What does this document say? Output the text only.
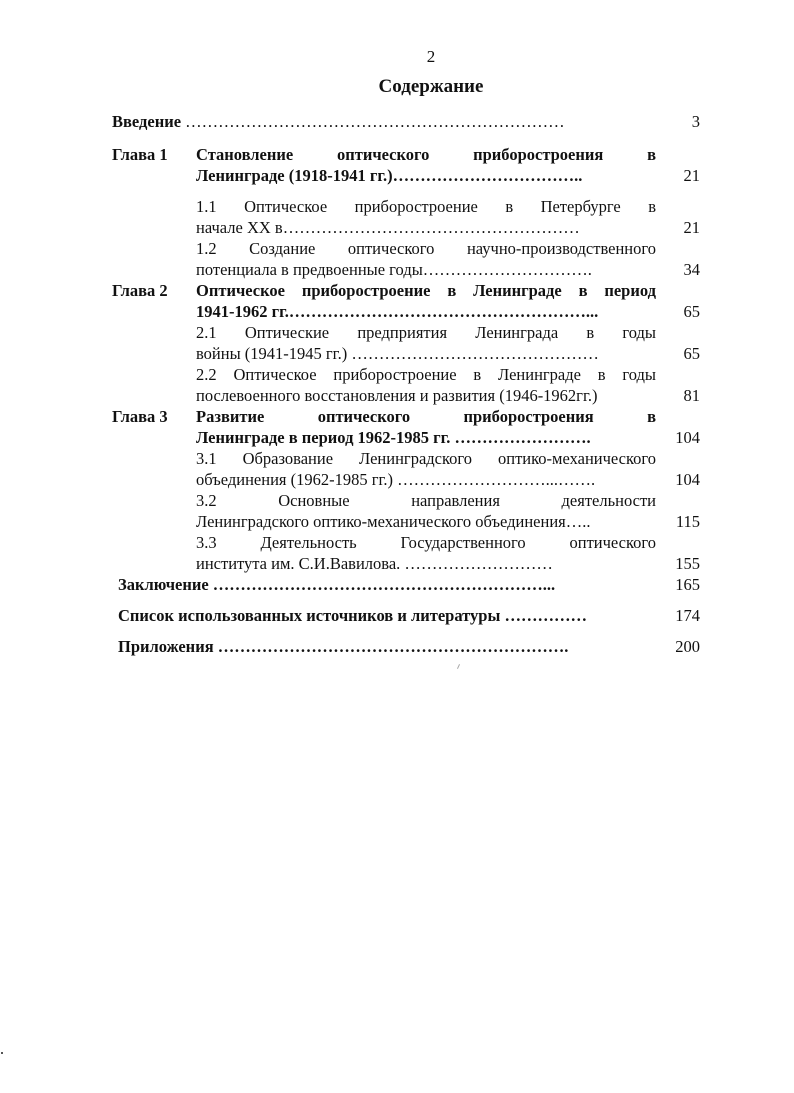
2
Содержание
Введение ……………………………………………………………	3
Глава 1 Становление оптического приборостроения в
Ленинграде (1918-1941 гг.)……………………………..	21
1.1 Оптическое приборостроение в Петербурге в
начале XX в………………………………………………	21
1.2 Создание оптического научно-производственного
потенциала в предвоенные годы………………………….	34
Глава 2 Оптическое приборостроение в Ленинграде в период
1941-1962 гг.………………………………………………...	65
2.1 Оптические предприятия Ленинграда в годы
войны (1941-1945 гг.) ………………………………………	65
2.2 Оптическое приборостроение в Ленинграде в годы
послевоенного восстановления и развития (1946-1962гг.)	81
Глава 3 Развитие оптического приборостроения в
Ленинграде в период 1962-1985 гг. …………………….	104
3.1 Образование Ленинградского оптико-механического
объединения (1962-1985 гг.) ………………………...…….	104
3.2 Основные направления деятельности
Ленинградского оптико-механического объединения…..	115
3.3 Деятельность Государственного оптического
института им. С.И.Вавилова. ………………………	155
Заключение ……………………………………………………...	165
Список использованных источников и литературы ……………	174
Приложения ……………………………………………………….	200
